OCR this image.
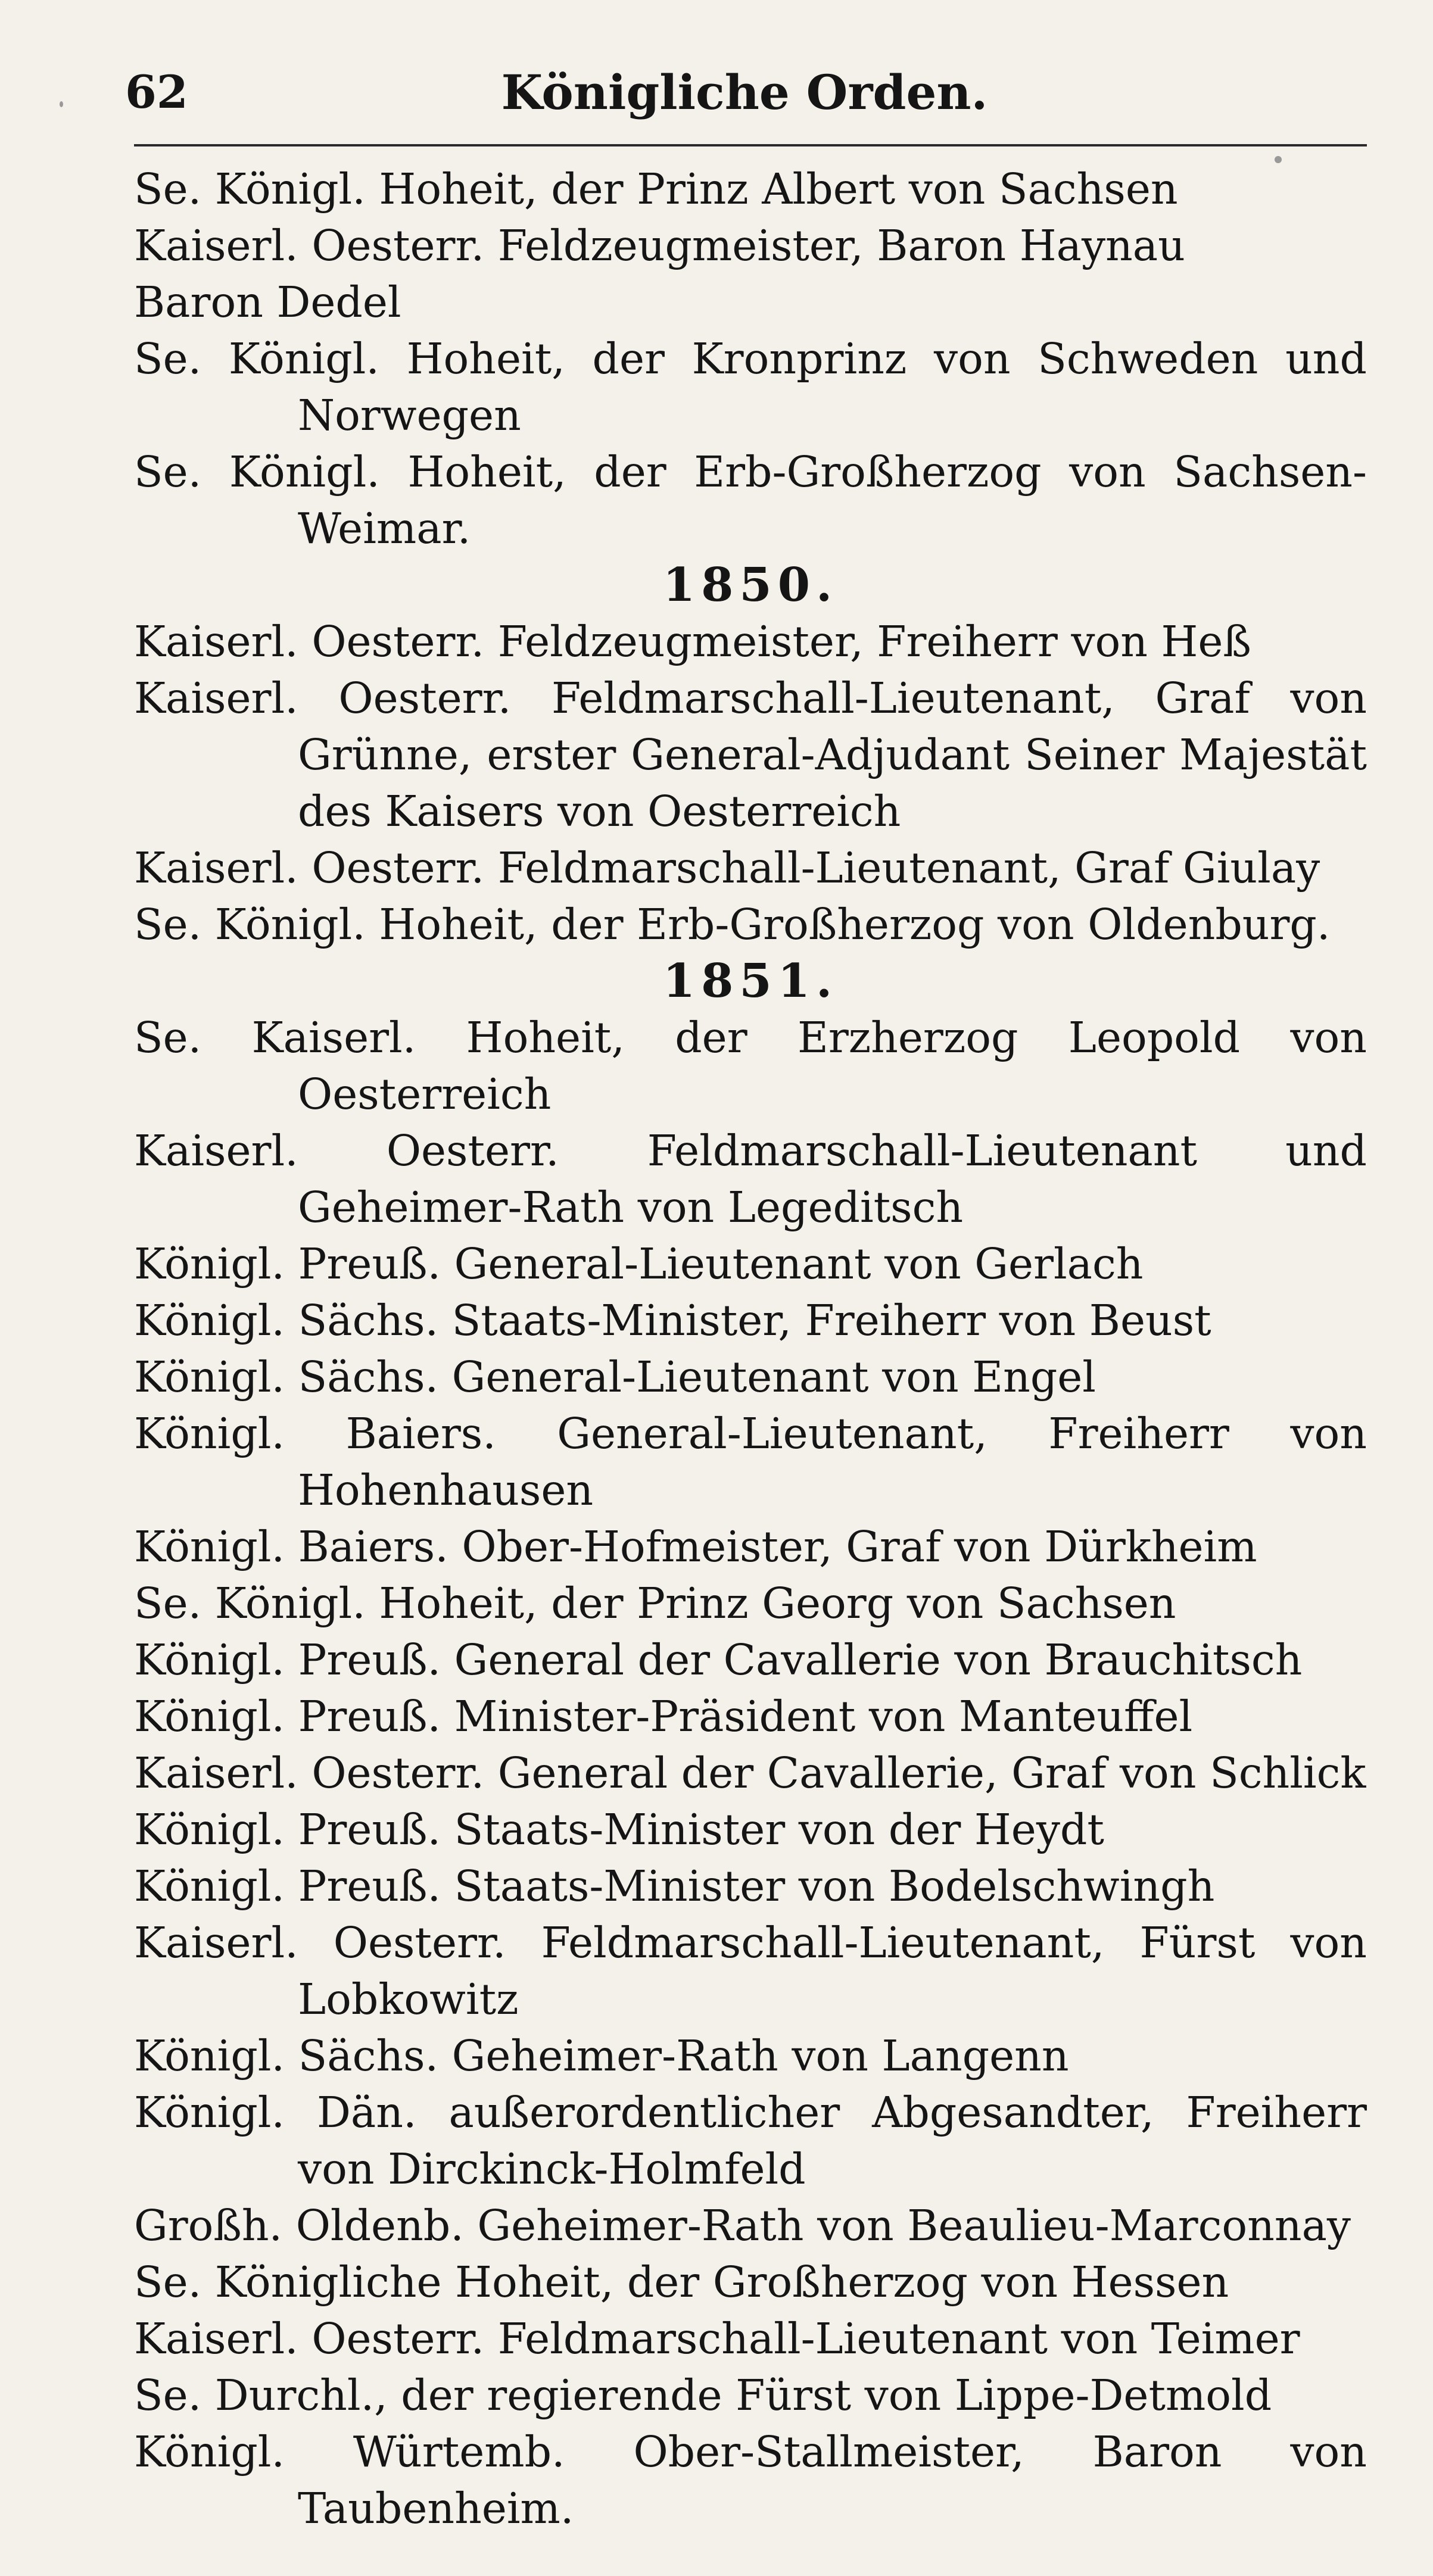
62	Königliche Orden.
Se. Königl. Hoheit, der Prinz Albert von Sachsen
Kaiserl. Oesterr. Feldzeugmeister, Baron Haynau
Baron Dedel
Se. Königl. Hoheit, der Kronprinz von Schweden und Norwegen
Se. Königl. Hoheit, der Erb-Großherzog von Sachsen-Weimar.
1850.
Kaiserl. Oesterr. Feldzeugmeister, Freiherr von Heß
Kaiserl. Oesterr. Feldmarschall-Lieutenant, Graf von Grünne, erster General-Adjudant Seiner Majestät des Kaisers von Oesterreich
Kaiserl. Oesterr. Feldmarschall-Lieutenant, Graf Giulay
Se. Königl. Hoheit, der Erb-Großherzog von Oldenburg.
1851.
Se. Kaiserl. Hoheit, der Erzherzog Leopold von Oesterreich
Kaiserl. Oesterr. Feldmarschall-Lieutenant und Geheimer-Rath von Legeditsch
Königl. Preuß. General-Lieutenant von Gerlach
Königl. Sächs. Staats-Minister, Freiherr von Beust
Königl. Sächs. General-Lieutenant von Engel
Königl. Baiers. General-Lieutenant, Freiherr von Hohenhausen
Königl. Baiers. Ober-Hofmeister, Graf von Dürkheim
Se. Königl. Hoheit, der Prinz Georg von Sachsen
Königl. Preuß. General der Cavallerie von Brauchitsch
Königl. Preuß. Minister-Präsident von Manteuffel
Kaiserl. Oesterr. General der Cavallerie, Graf von Schlick
Königl. Preuß. Staats-Minister von der Heydt
Königl. Preuß. Staats-Minister von Bodelschwingh
Kaiserl. Oesterr. Feldmarschall-Lieutenant, Fürst von Lobkowitz
Königl. Sächs. Geheimer-Rath von Langenn
Königl. Dän. außerordentlicher Abgesandter, Freiherr von Dirckinck-Holmfeld
Großh. Oldenb. Geheimer-Rath von Beaulieu-Marconnay
Se. Königliche Hoheit, der Großherzog von Hessen
Kaiserl. Oesterr. Feldmarschall-Lieutenant von Teimer
Se. Durchl., der regierende Fürst von Lippe-Detmold
Königl. Würtemb. Ober-Stallmeister, Baron von Taubenheim.
